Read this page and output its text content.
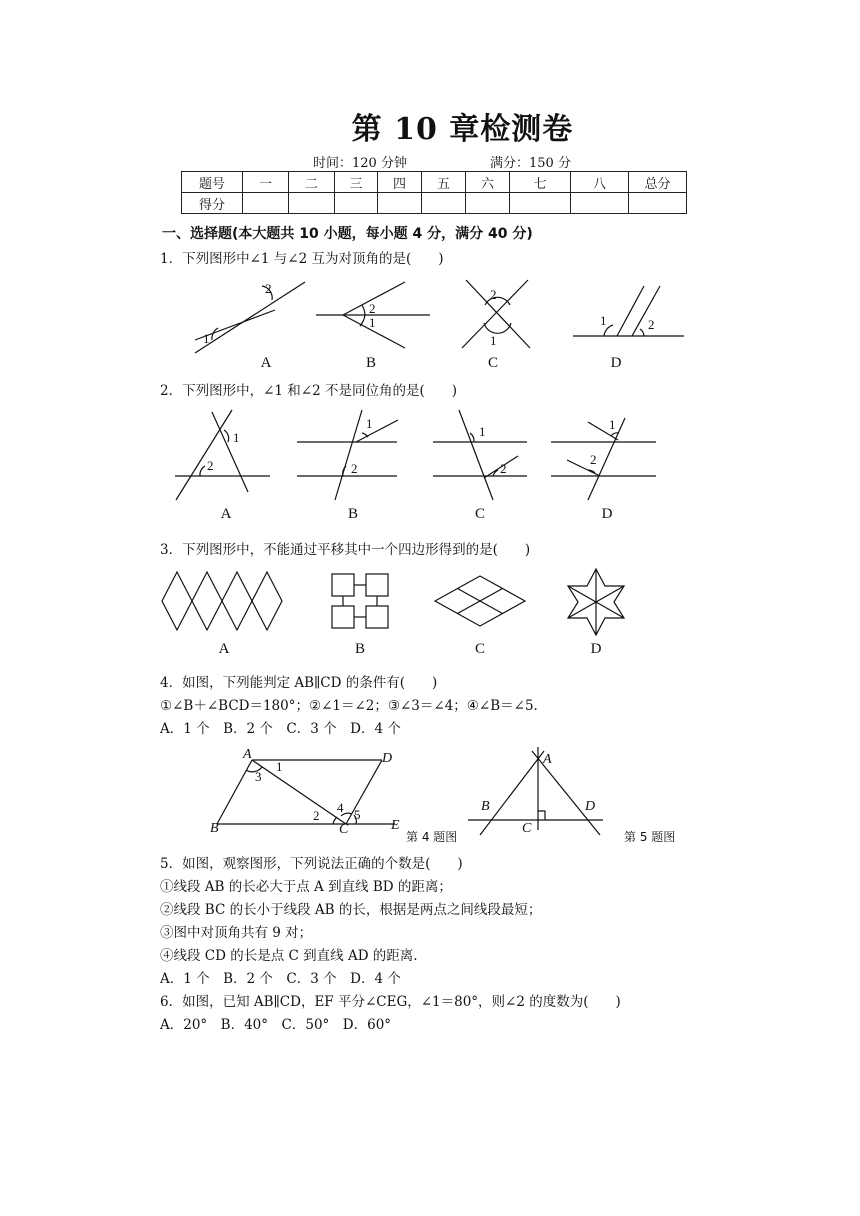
第 10 章检测卷
时间：120 分钟	满分：150 分
题号	一	二	三	四	五	六	七	八	总分
得分									
一、选择题(本大题共 10 小题，每小题 4 分，满分 40 分)
1．下列图形中∠1 与∠2 互为对顶角的是(　　)
2
1
2
1
2
1
1	2
A	B	C	D
2．下列图形中，∠1 和∠2 不是同位角的是(　　)
1
2
1
2
1
2
1
2
A	B	C	D
3．下列图形中，不能通过平移其中一个四边形得到的是(　　)
A	B	C	D
4．如图，下列能判定 AB∥CD 的条件有(　　)
①∠B＋∠BCD＝180°；②∠1＝∠2；③∠3＝∠4；④∠B＝∠5.
A．1 个　B．2 个　C．3 个　D．4 个
A
B	C
D
E
1
2
3
4 5
第 4 题图
A
B
C
D
第 5 题图
5．如图，观察图形，下列说法正确的个数是(　　)
①线段 AB 的长必大于点 A 到直线 BD 的距离；
②线段 BC 的长小于线段 AB 的长，根据是两点之间线段最短；
③图中对顶角共有 9 对；
④线段 CD 的长是点 C 到直线 AD 的距离.
A．1 个　B．2 个　C．3 个　D．4 个
6．如图，已知 AB∥CD，EF 平分∠CEG，∠1＝80°，则∠2 的度数为(　　)
A．20°　B．40°　C．50°　D．60°
